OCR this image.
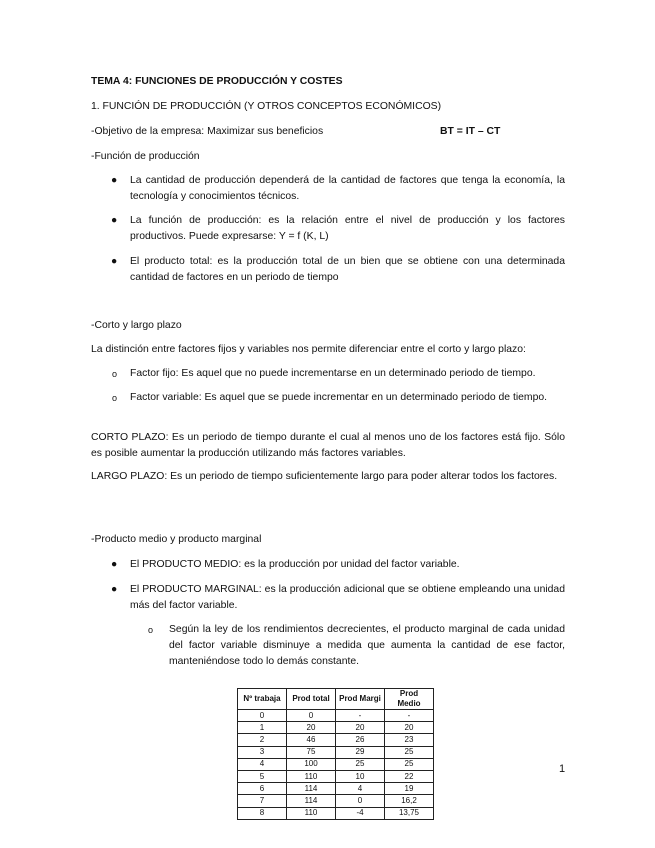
TEMA 4: FUNCIONES DE PRODUCCIÓN Y COSTES
1. FUNCIÓN DE PRODUCCIÓN (Y OTROS CONCEPTOS ECONÓMICOS)
-Objetivo de la empresa: Maximizar sus beneficios	BT = IT – CT
-Función de producción
● La cantidad de producción dependerá de la cantidad de factores que tenga la economía, la tecnología y conocimientos técnicos.
● La función de producción: es la relación entre el nivel de producción y los factores productivos. Puede expresarse: Y = f (K, L)
● El producto total: es la producción total de un bien que se obtiene con una determinada cantidad de factores en un periodo de tiempo
-Corto y largo plazo
La distinción entre factores fijos y variables nos permite diferenciar entre el corto y largo plazo:
o Factor fijo: Es aquel que no puede incrementarse en un determinado periodo de tiempo.
o Factor variable: Es aquel que se puede incrementar en un determinado periodo de tiempo.
CORTO PLAZO: Es un periodo de tiempo durante el cual al menos uno de los factores está fijo. Sólo es posible aumentar la producción utilizando más factores variables.
LARGO PLAZO: Es un periodo de tiempo suficientemente largo para poder alterar todos los factores.
-Producto medio y producto marginal
● El PRODUCTO MEDIO: es la producción por unidad del factor variable.
● El PRODUCTO MARGINAL: es la producción adicional que se obtiene empleando una unidad más del factor variable.
o Según la ley de los rendimientos decrecientes, el producto marginal de cada unidad del factor variable disminuye a medida que aumenta la cantidad de ese factor, manteniéndose todo lo demás constante.
Nº trabaja	Prod total	Prod Margi	Prod Medio
0	0	-	-
1	20	20	20
2	46	26	23
3	75	29	25
4	100	25	25
5	110	10	22
6	114	4	19
7	114	0	16,2
8	110	-4	13,75
1
